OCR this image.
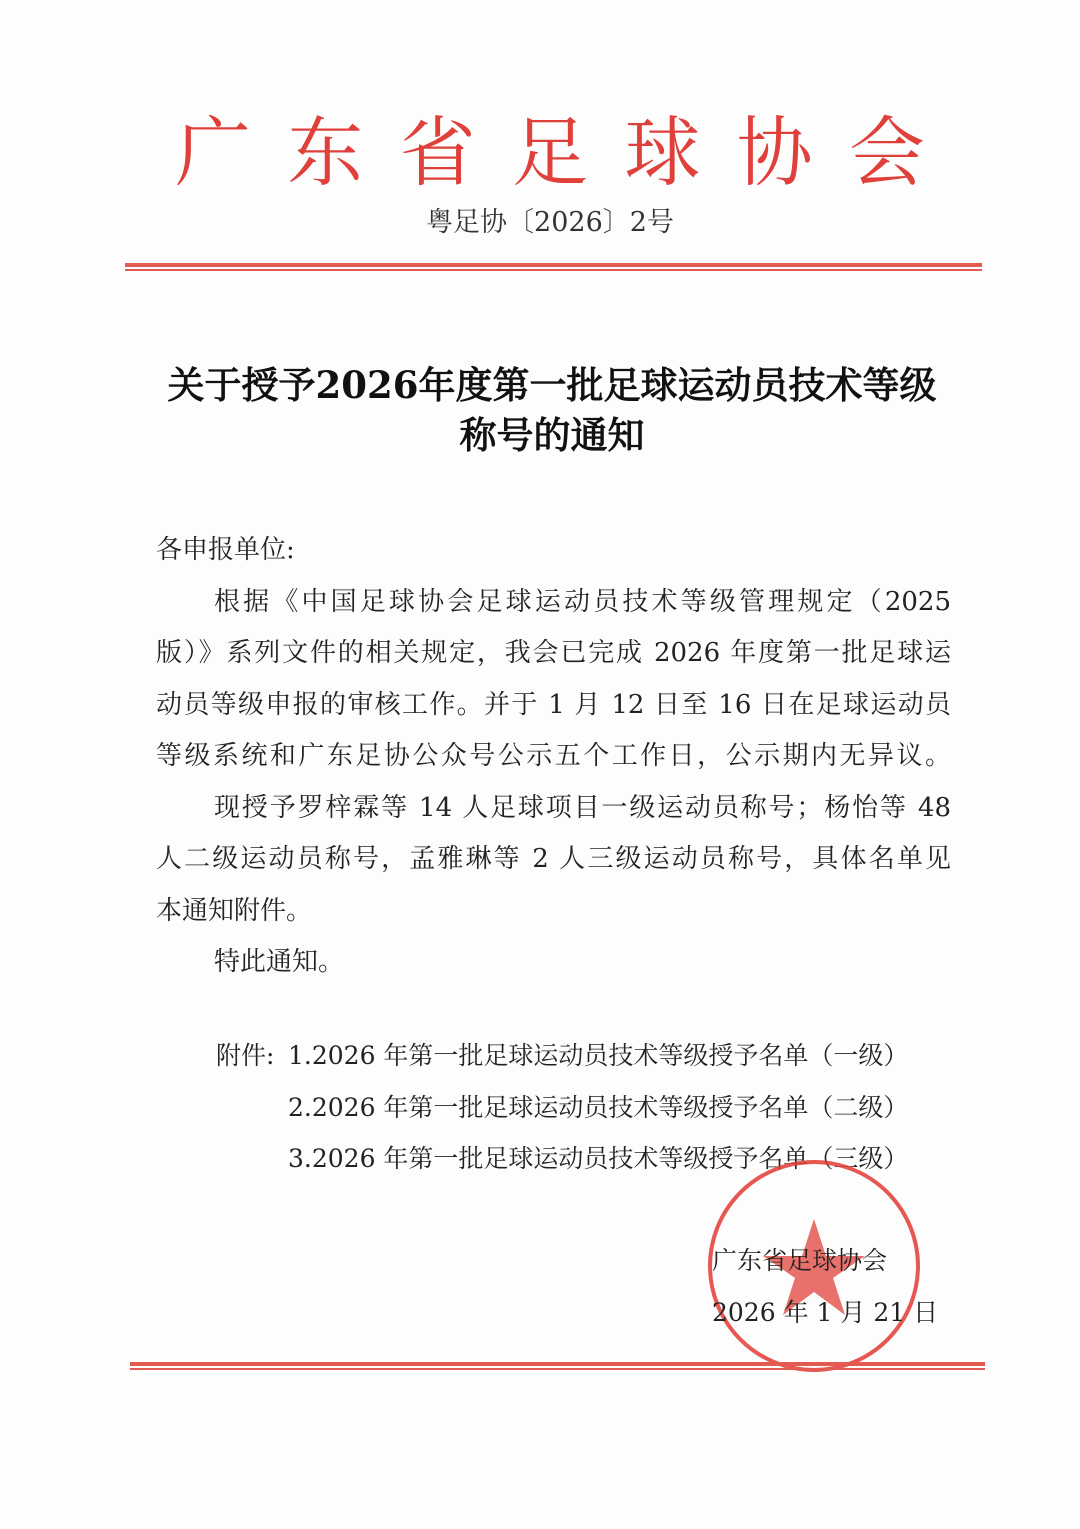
广 东 省 足 球 协 会
粤足协〔2026〕2号
关于授予2026年度第一批足球运动员技术等级
称号的通知
各申报单位:
根据《中国足球协会足球运动员技术等级管理规定（2025
版）》系列文件的相关规定，我会已完成 2026 年度第一批足球运
动员等级申报的审核工作。并于 1 月 12 日至 16 日在足球运动员
等级系统和广东足协公众号公示五个工作日，公示期内无异议。
现授予罗梓霖等 14 人足球项目一级运动员称号；杨怡等 48
人二级运动员称号，孟雅琳等 2 人三级运动员称号，具体名单见
本通知附件。
特此通知。
附件: 1.2026 年第一批足球运动员技术等级授予名单（一级）
2.2026 年第一批足球运动员技术等级授予名单（二级）
3.2026 年第一批足球运动员技术等级授予名单（三级）
广东省足球协会
2026 年 1 月 21 日
